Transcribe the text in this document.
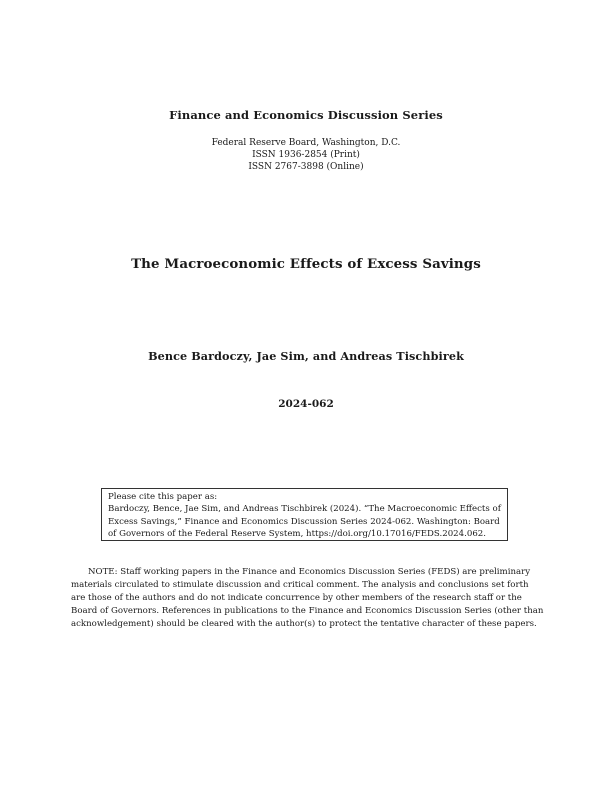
Finance and Economics Discussion Series
Federal Reserve Board, Washington, D.C.
ISSN 1936-2854 (Print)
ISSN 2767-3898 (Online)
The Macroeconomic Effects of Excess Savings
Bence Bardoczy, Jae Sim, and Andreas Tischbirek
2024-062
Please cite this paper as:
Bardoczy, Bence, Jae Sim, and Andreas Tischbirek (2024). “The Macroeconomic Effects of
Excess Savings,” Finance and Economics Discussion Series 2024-062. Washington: Board
of Governors of the Federal Reserve System, https://doi.org/10.17016/FEDS.2024.062.
NOTE: Staff working papers in the Finance and Economics Discussion Series (FEDS) are preliminary
materials circulated to stimulate discussion and critical comment. The analysis and conclusions set forth
are those of the authors and do not indicate concurrence by other members of the research staff or the
Board of Governors. References in publications to the Finance and Economics Discussion Series (other than
acknowledgement) should be cleared with the author(s) to protect the tentative character of these papers.
